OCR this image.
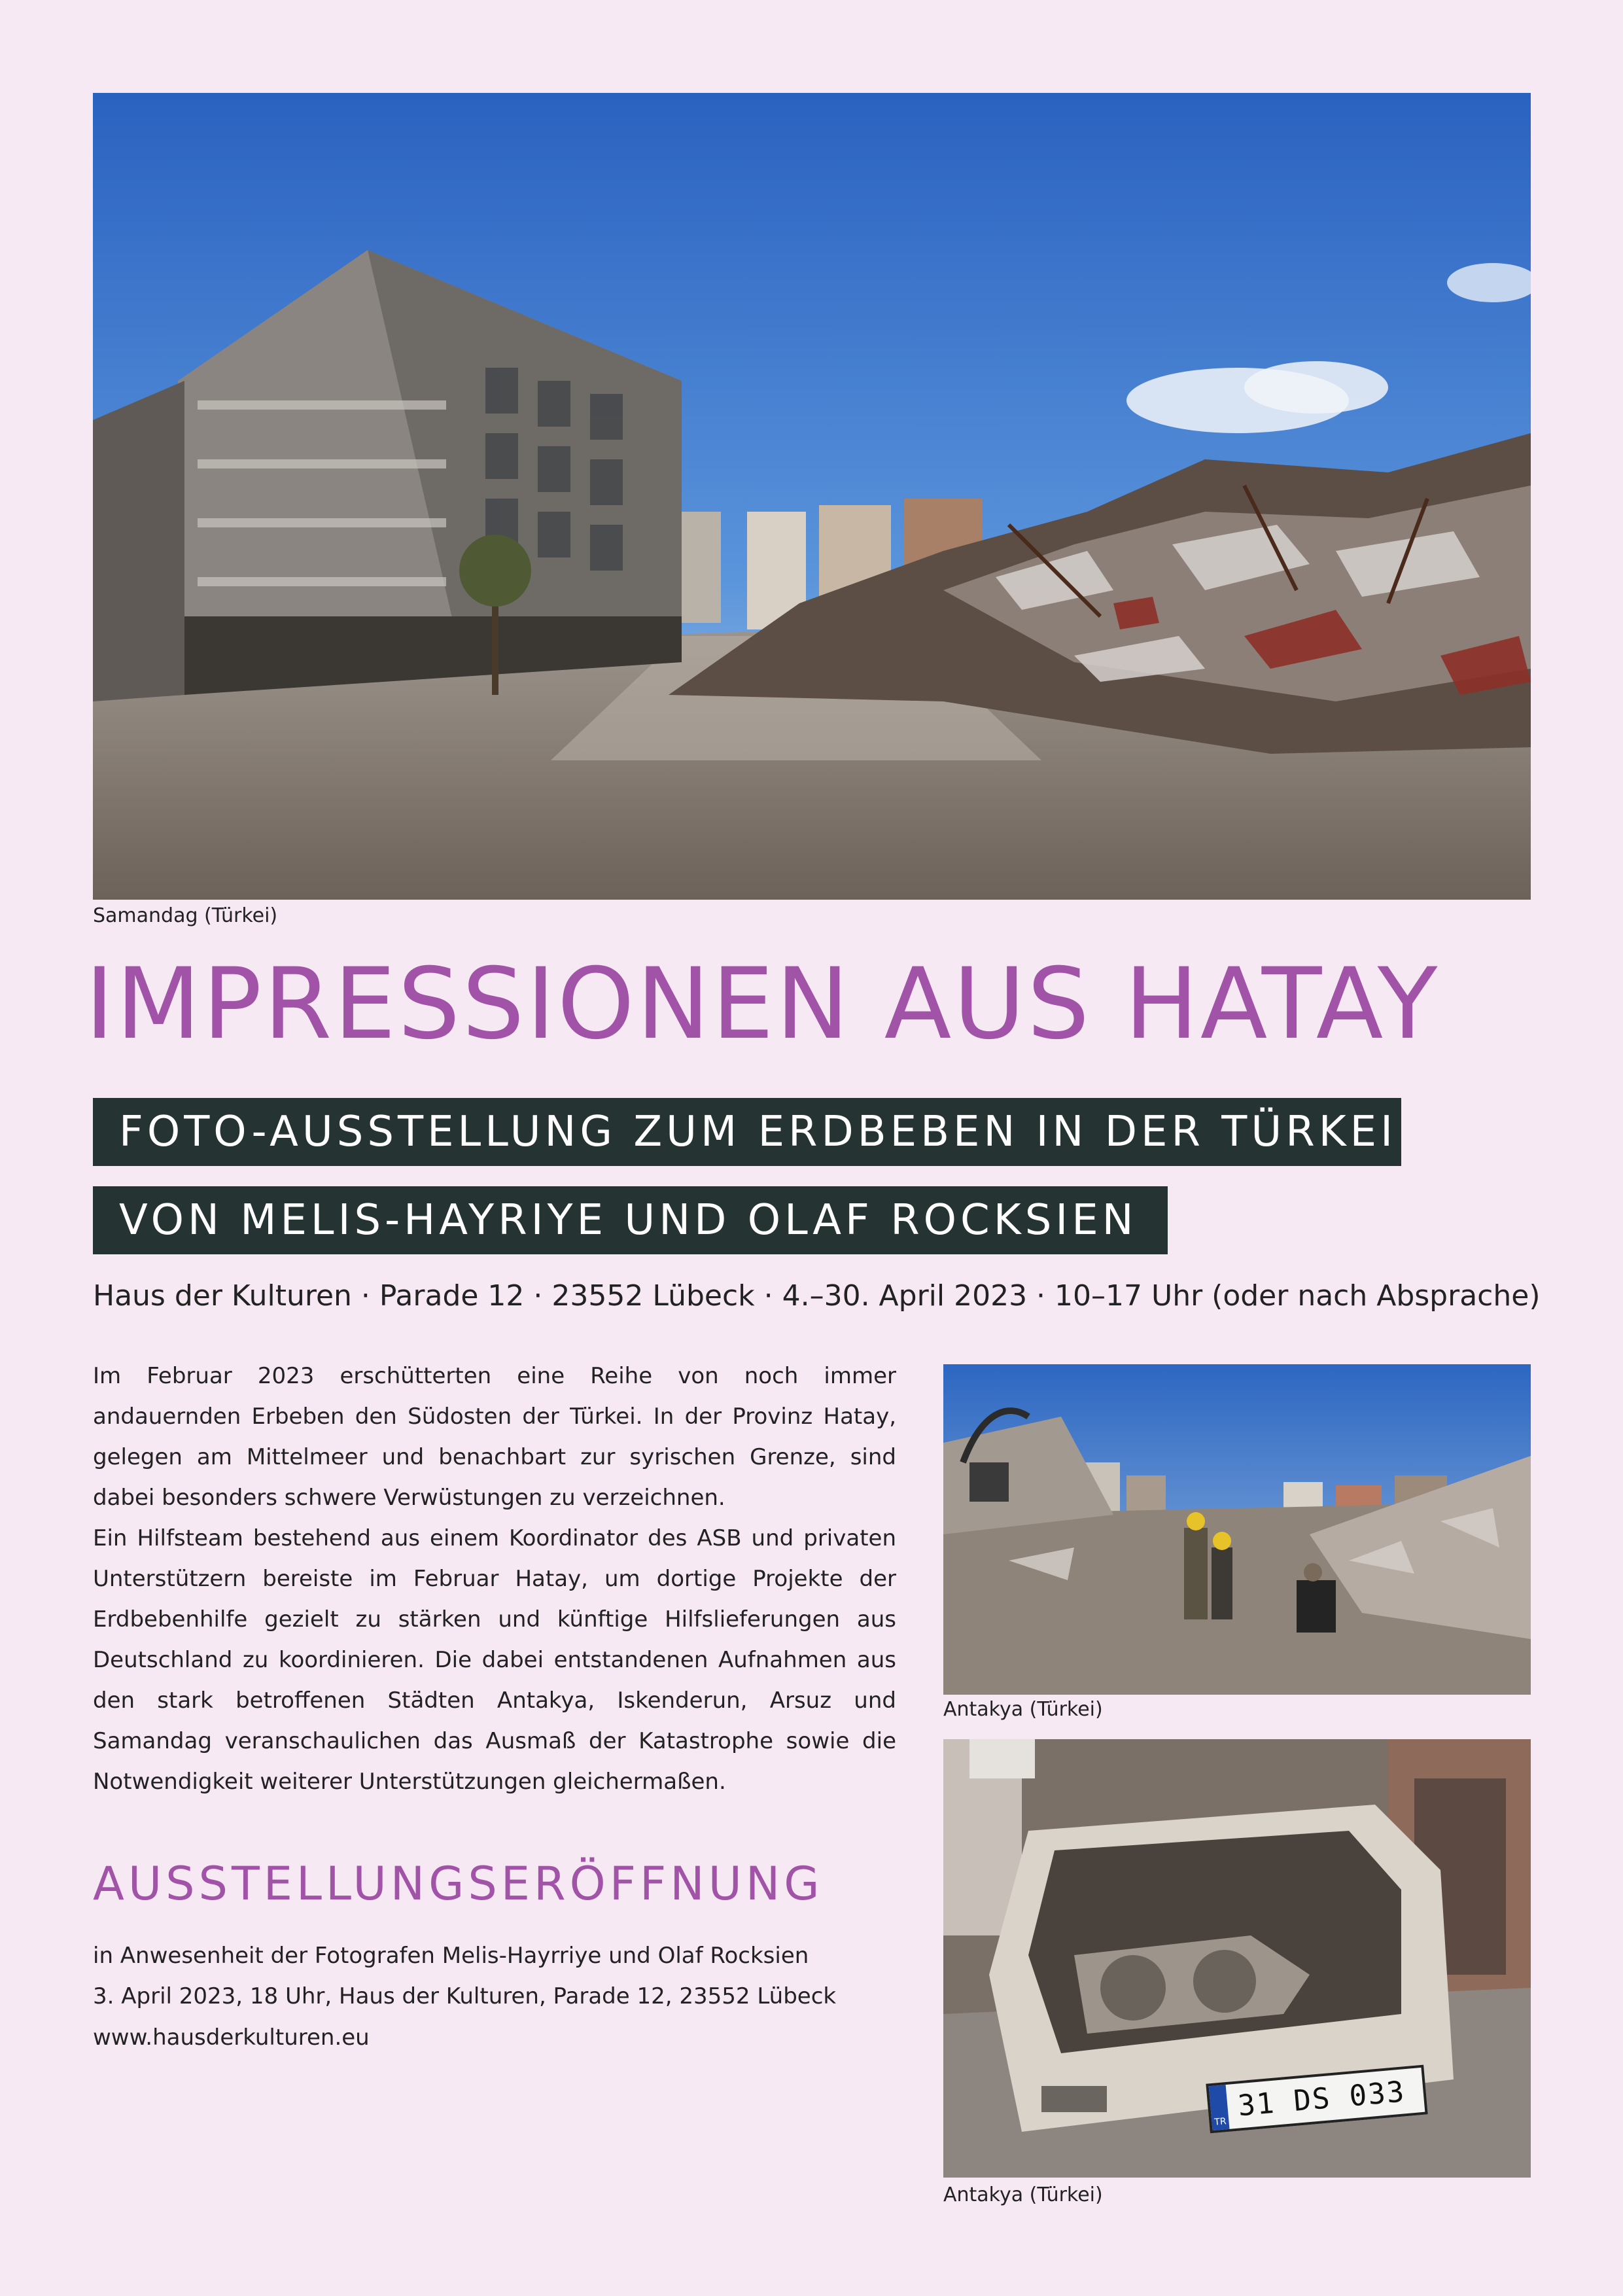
Samandag (Türkei)
IMPRESSIONEN AUS HATAY
FOTO-AUSSTELLUNG ZUM ERDBEBEN IN DER TÜRKEI
VON MELIS-HAYRIYE UND OLAF ROCKSIEN
Haus der Kulturen · Parade 12 · 23552 Lübeck · 4.–30. April 2023 · 10–17 Uhr (oder nach Absprache)

Im Februar 2023 erschütterten eine Reihe von noch immer andauernden Erbeben den Südosten der Türkei. In der Provinz Hatay, gelegen am Mittelmeer und benachbart zur syrischen Grenze, sind dabei besonders schwere Verwüstungen zu verzeichnen.

Ein Hilfsteam bestehend aus einem Koordinator des ASB und privaten Unterstützern bereiste im Februar Hatay, um dortige Projekte der Erdbebenhilfe gezielt zu stärken und künftige Hilfslieferungen aus Deutschland zu koordinieren. Die dabei entstandenen Aufnahmen aus den stark betroffenen Städten Antakya, Iskenderun, Arsuz und Samandag veranschaulichen das Ausmaß der Katastrophe sowie die Notwendigkeit weiterer Unterstützungen gleichermaßen.

AUSSTELLUNGSERÖFFNUNG
in Anwesenheit der Fotografen Melis-Hayrriye und Olaf Rocksien
3. April 2023, 18 Uhr, Haus der Kulturen, Parade 12, 23552 Lübeck
www.hausderkulturen.eu
Antakya (Türkei)
TR 31 DS 033
Antakya (Türkei)
